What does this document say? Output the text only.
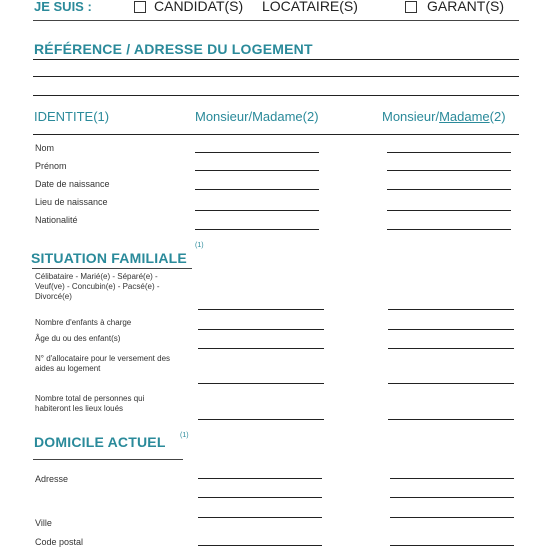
JE SUIS :	CANDIDAT(S) LOCATAIRE(S)	GARANT(S)
RÉFÉRENCE / ADRESSE DU LOGEMENT
IDENTITE(1)	Monsieur/Madame(2)	Monsieur/Madame(2)
Nom
Prénom
Date de naissance
Lieu de naissance
Nationalité
SITUATION FAMILIALE
(1)
Célibataire - Marié(e) - Séparé(e) - Veuf(ve) - Concubin(e) - Pacsé(e) - Divorcé(e)
Nombre d'enfants à charge
Âge du ou des enfant(s)
N° d'allocataire pour le versement des aides au logement
Nombre total de personnes qui habiteront les lieux loués
DOMICILE ACTUEL (1)
Adresse
Ville
Code postal
